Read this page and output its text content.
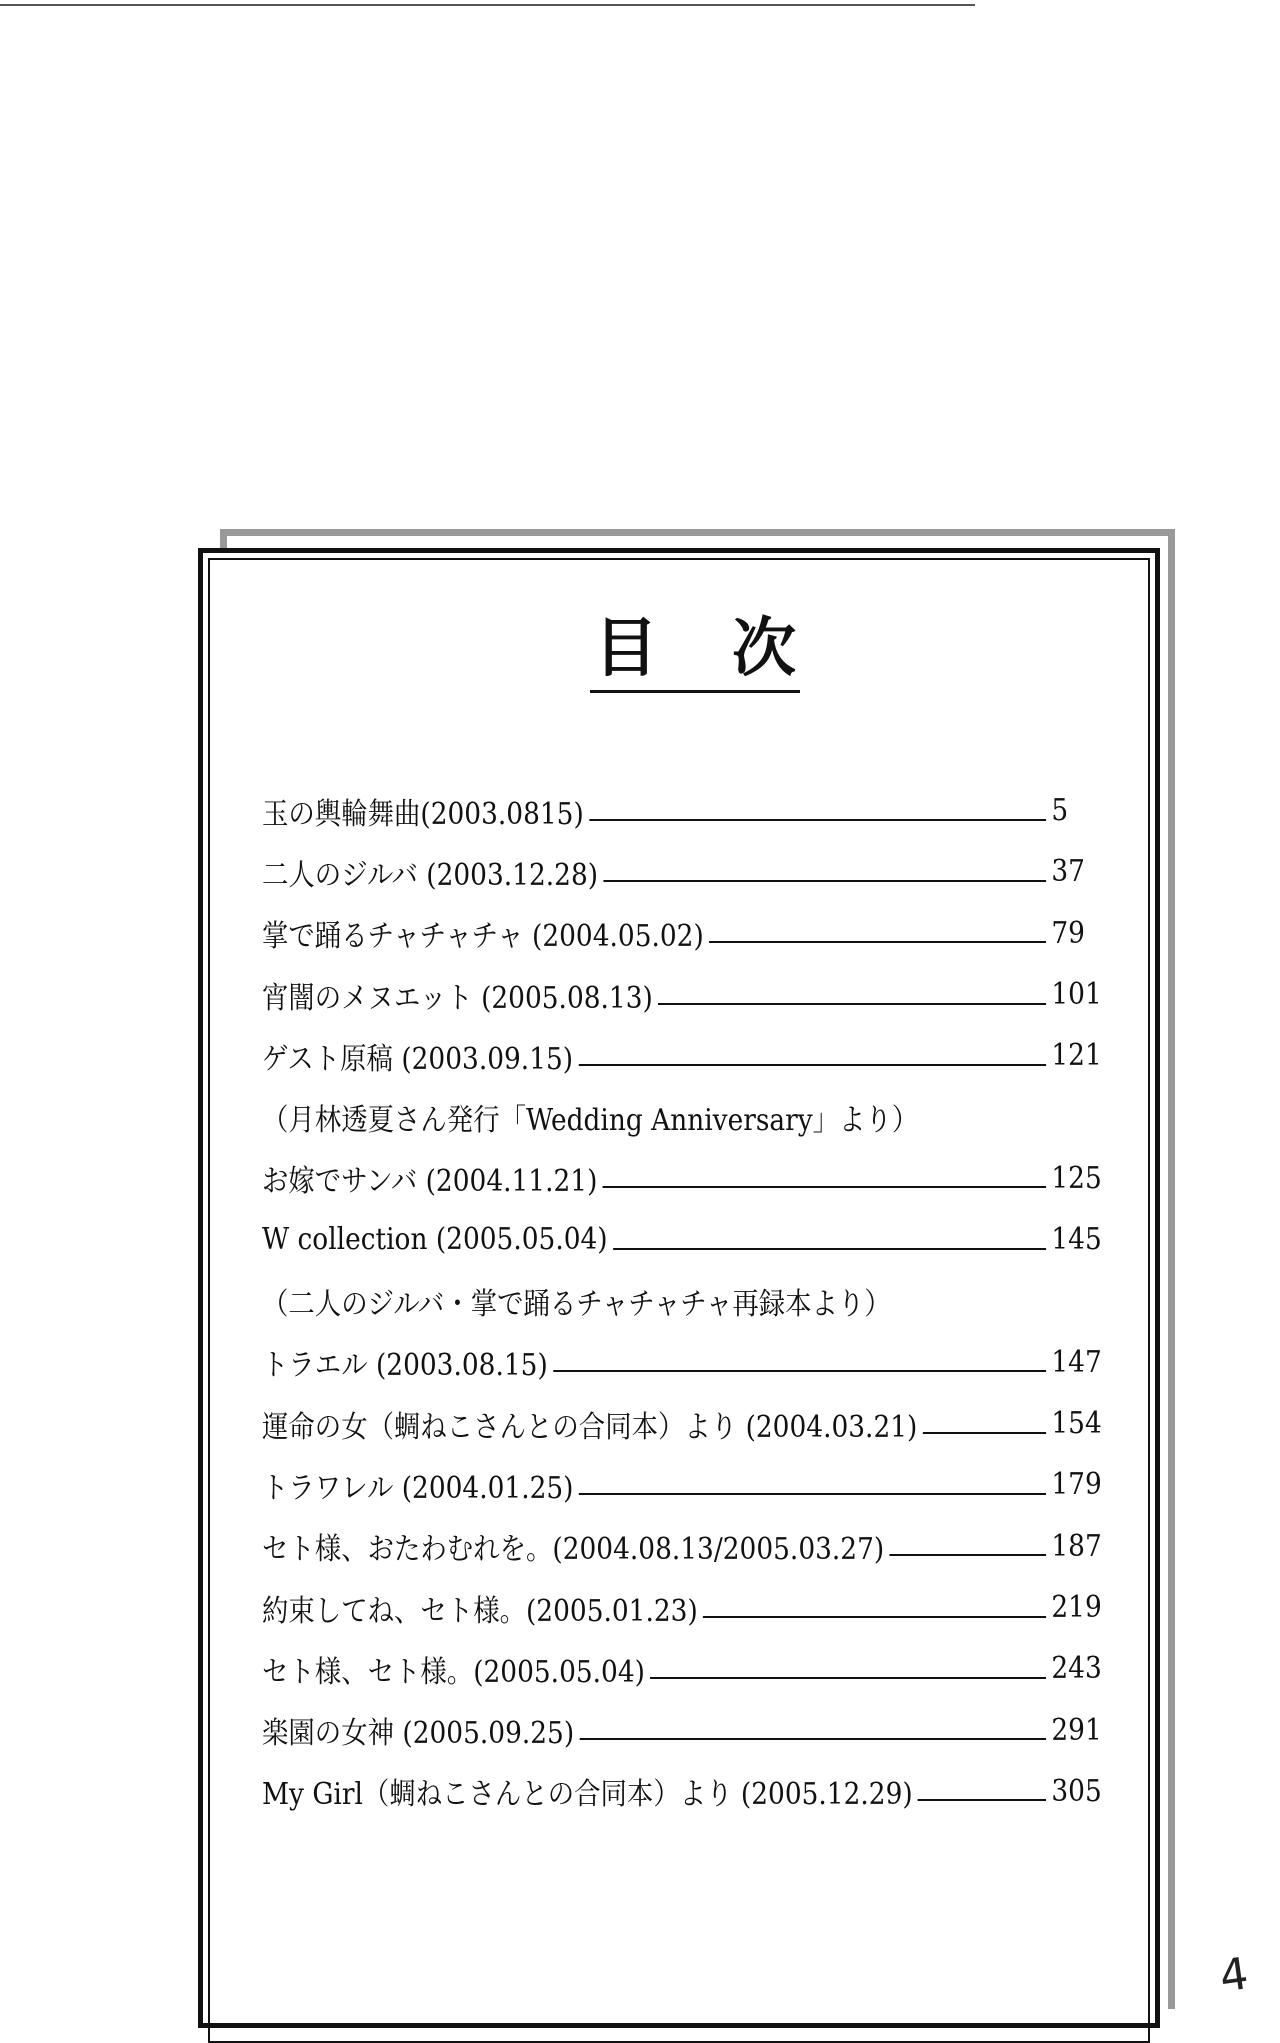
目 次
玉の輿輪舞曲(2003.0815)	5
二人のジルバ (2003.12.28)	37
掌で踊るチャチャチャ (2004.05.02)	79
宵闇のメヌエット (2005.08.13)	101
ゲスト原稿 (2003.09.15)	121
（月林透夏さん発行「Wedding Anniversary」より）
お嫁でサンバ (2004.11.21)	125
W collection (2005.05.04)	145
（二人のジルバ・掌で踊るチャチャチャ再録本より）
トラエル (2003.08.15)	147
運命の女（蜩ねこさんとの合同本）より (2004.03.21)	154
トラワレル (2004.01.25)	179
セト様、おたわむれを。(2004.08.13/2005.03.27)	187
約束してね、セト様。(2005.01.23)	219
セト様、セト様。(2005.05.04)	243
楽園の女神 (2005.09.25)	291
My Girl（蜩ねこさんとの合同本）より (2005.12.29)	305
4
